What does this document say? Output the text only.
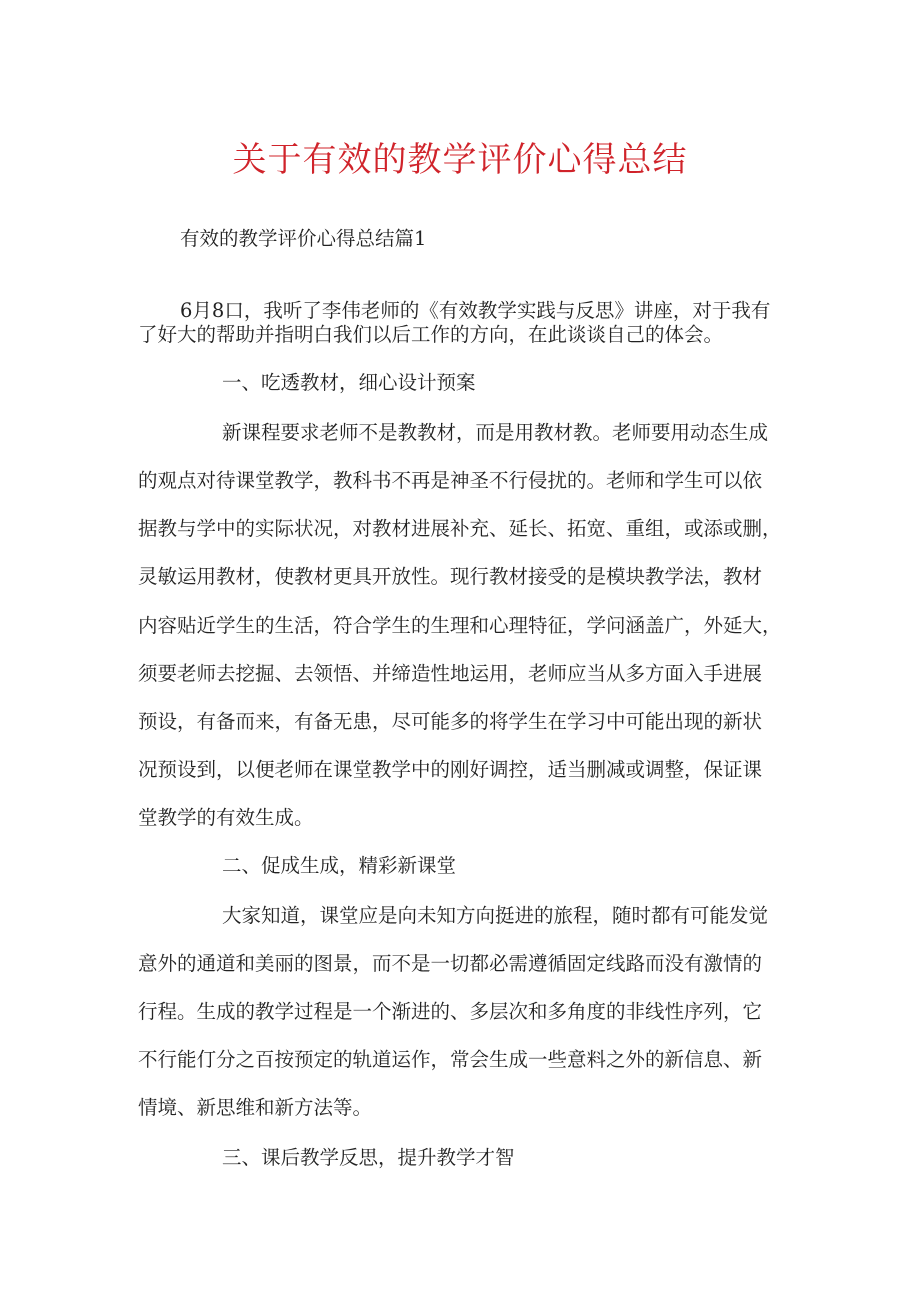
关于有效的教学评价心得总结

有效的教学评价心得总结篇1

6月8口，我听了李伟老师的《有效教学实践与反思》讲座，对于我有

了好大的帮助并指明白我们以后工作的方向，在此谈谈自己的体会。

一、吃透教材，细心设计预案

新课程要求老师不是教教材，而是用教材教。老师要用动态生成

的观点对待课堂教学，教科书不再是神圣不行侵扰的。老师和学生可以依

据教与学中的实际状况，对教材进展补充、延长、拓宽、重组，或添或删，

灵敏运用教材，使教材更具开放性。现行教材接受的是模块教学法，教材

内容贴近学生的生活，符合学生的生理和心理特征，学问涵盖广，外延大，

须要老师去挖掘、去领悟、并缔造性地运用，老师应当从多方面入手进展

预设，有备而来，有备无患，尽可能多的将学生在学习中可能出现的新状

况预设到，以便老师在课堂教学中的刚好调控，适当删减或调整，保证课

堂教学的有效生成。

二、促成生成，精彩新课堂

大家知道，课堂应是向未知方向挺进的旅程，随时都有可能发觉

意外的通道和美丽的图景，而不是一切都必需遵循固定线路而没有激情的

行程。生成的教学过程是一个渐进的、多层次和多角度的非线性序列，它

不行能仃分之百按预定的轨道运作，常会生成一些意料之外的新信息、新

情境、新思维和新方法等。

三、课后教学反思，提升教学才智
